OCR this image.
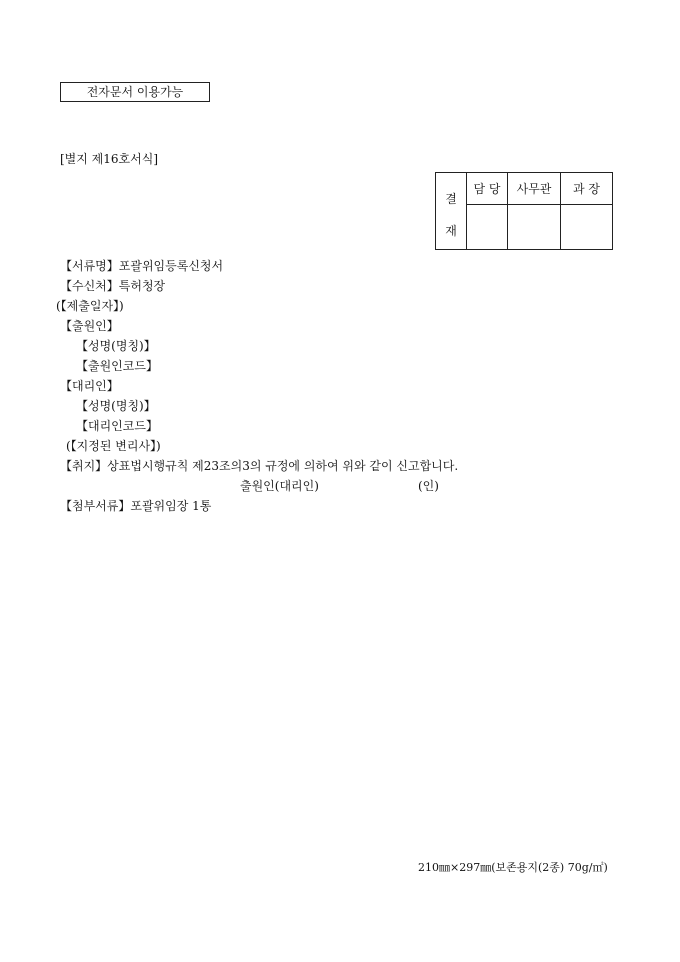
전자문서 이용가능
[별지 제16호서식]
결
재	담 당	사무관	과 장

【서류명】포괄위임등록신청서
【수신처】특허청장
(【제출일자】)
【출원인】
【성명(명칭)】
【출원인코드】
【대리인】
【성명(명칭)】
【대리인코드】
(【지정된 변리사】)
【취지】상표법시행규칙 제23조의3의 규정에 의하여 위와 같이 신고합니다.
출원인(대리인)	(인)
【첨부서류】포괄위임장 1통
210㎜×297㎜(보존용지(2종) 70g/㎡)
